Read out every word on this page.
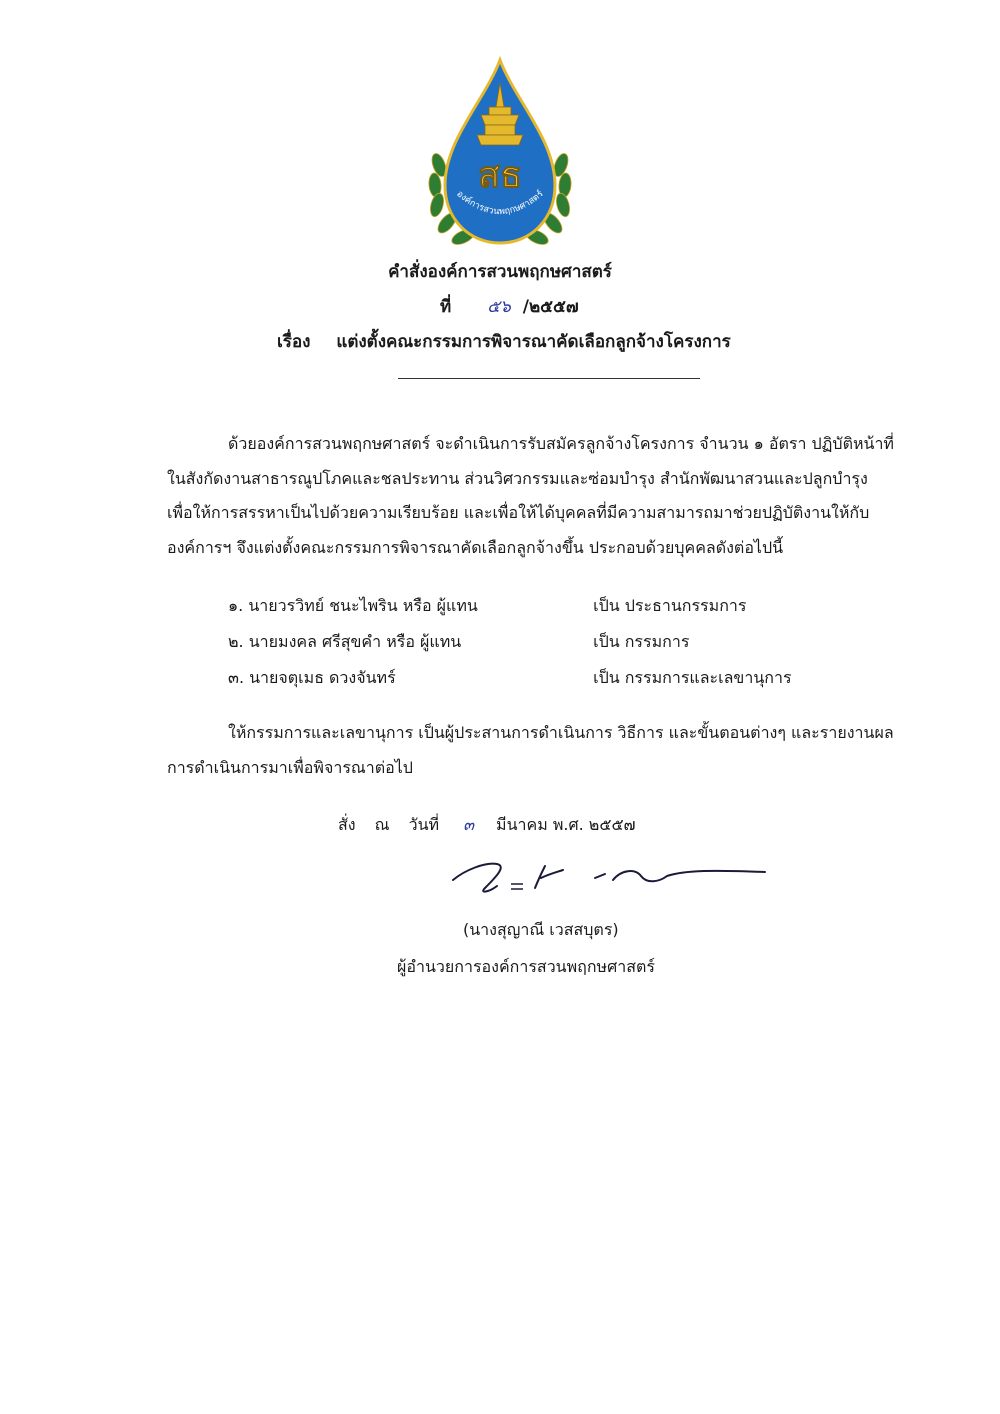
สธ
องค์การสวนพฤกษศาสตร์
คำสั่งองค์การสวนพฤกษศาสตร์
ที่ ๕๖ /๒๕๕๗
เรื่อง แต่งตั้งคณะกรรมการพิจารณาคัดเลือกลูกจ้างโครงการ
ด้วยองค์การสวนพฤกษศาสตร์ จะดำเนินการรับสมัครลูกจ้างโครงการ จำนวน ๑ อัตรา ปฏิบัติหน้าที่
ในสังกัดงานสาธารณูปโภคและชลประทาน ส่วนวิศวกรรมและซ่อมบำรุง สำนักพัฒนาสวนและปลูกบำรุง
เพื่อให้การสรรหาเป็นไปด้วยความเรียบร้อย และเพื่อให้ได้บุคคลที่มีความสามารถมาช่วยปฏิบัติงานให้กับ
องค์การฯ จึงแต่งตั้งคณะกรรมการพิจารณาคัดเลือกลูกจ้างขึ้น ประกอบด้วยบุคคลดังต่อไปนี้
๑. นายวรวิทย์ ชนะไพริน หรือ ผู้แทน	เป็น ประธานกรรมการ
๒. นายมงคล ศรีสุขคำ หรือ ผู้แทน	เป็น กรรมการ
๓. นายจตุเมธ ดวงจันทร์	เป็น กรรมการและเลขานุการ
ให้กรรมการและเลขานุการ เป็นผู้ประสานการดำเนินการ วิธีการ และขั้นตอนต่างๆ และรายงานผล
การดำเนินการมาเพื่อพิจารณาต่อไป
สั่ง ณ วันที่ ๓ มีนาคม พ.ศ. ๒๕๕๗
(นางสุญาณี เวสสบุตร)
ผู้อำนวยการองค์การสวนพฤกษศาสตร์
